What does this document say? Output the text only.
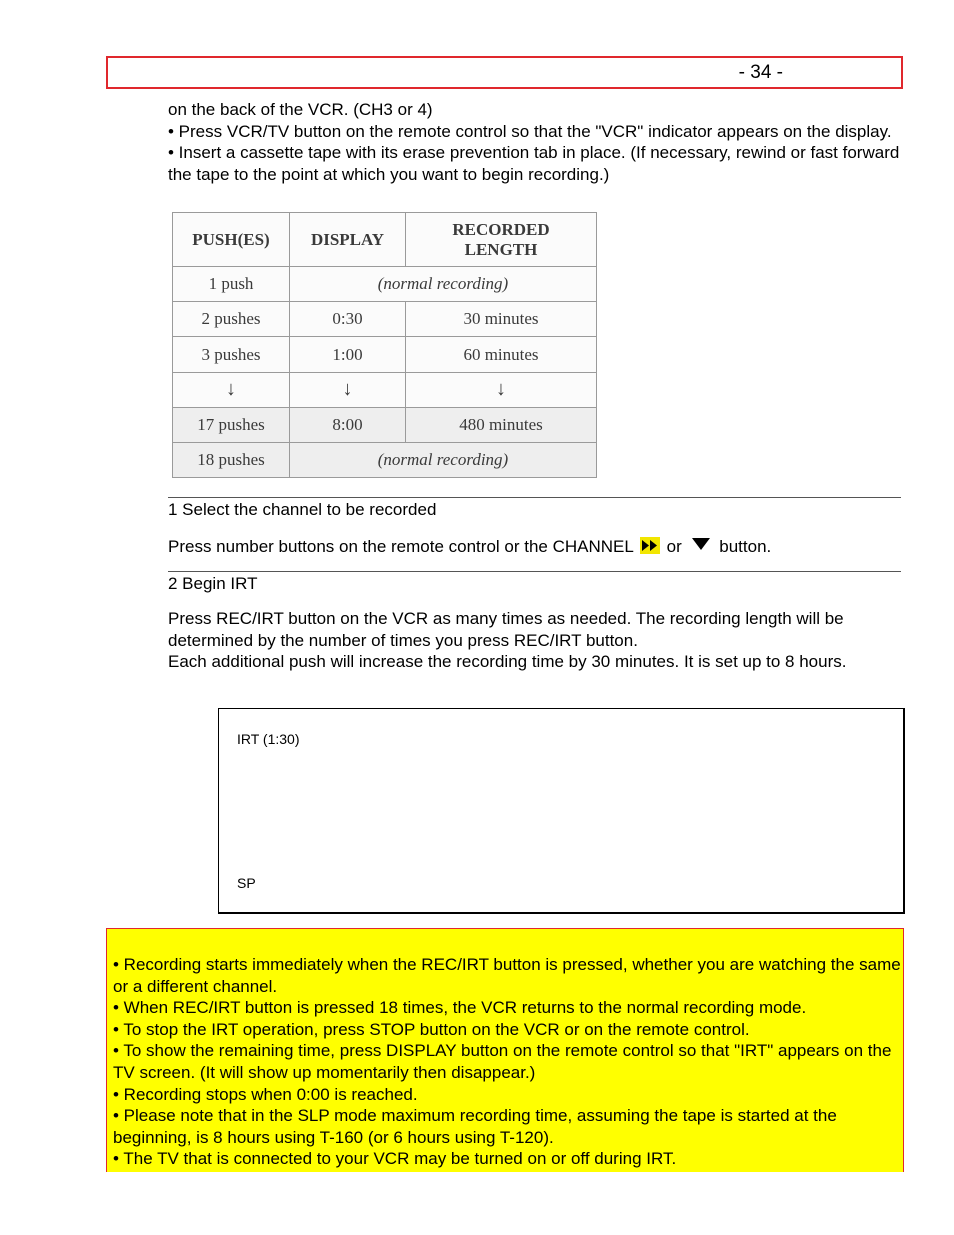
- 34 -

on the back of the VCR. (CH3 or 4)

• Press VCR/TV button on the remote control so that the "VCR" indicator appears on the display.

• Insert a cassette tape with its erase prevention tab in place. (If necessary, rewind or fast forward the tape to the point at which you want to begin recording.)

PUSH(ES)	DISPLAY	RECORDED
LENGTH

1 push	(normal recording)	
2 pushes	0:30	30 minutes
3 pushes	1:00	60 minutes
↓	↓	↓
17 pushes	8:00	480 minutes
18 pushes	(normal recording)	
1 Select the channel to be recorded
Press number buttons on the remote control or the CHANNEL or button.
2 Begin IRT

Press REC/IRT button on the VCR as many times as needed. The recording length will be determined by the number of times you press REC/IRT button.

Each additional push will increase the recording time by 30 minutes. It is set up to 8 hours.

IRT (1:30)
SP
• Recording starts immediately when the REC/IRT button is pressed, whether you are watching the same or a different channel.
• When REC/IRT button is pressed 18 times, the VCR returns to the normal recording mode.
• To stop the IRT operation, press STOP button on the VCR or on the remote control.
• To show the remaining time, press DISPLAY button on the remote control so that "IRT" appears on the TV screen. (It will show up momentarily then disappear.)
• Recording stops when 0:00 is reached.
• Please note that in the SLP mode maximum recording time, assuming the tape is started at the beginning, is 8 hours using T-160 (or 6 hours using T-120).
• The TV that is connected to your VCR may be turned on or off during IRT.
